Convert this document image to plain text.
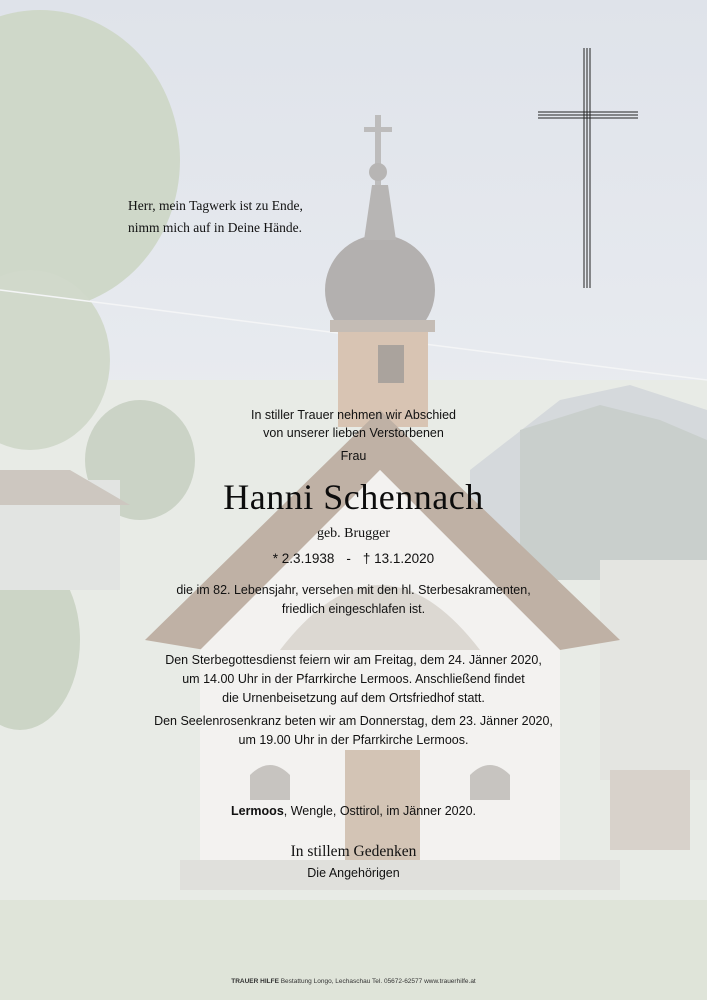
Herr, mein Tagwerk ist zu Ende,
nimm mich auf in Deine Hände.
In stiller Trauer nehmen wir Abschied
von unserer lieben Verstorbenen
Frau
Hanni Schennach
geb. Brugger
* 2.3.1938 - † 13.1.2020
die im 82. Lebensjahr, versehen mit den hl. Sterbesakramenten,
friedlich eingeschlafen ist.
Den Sterbegottesdienst feiern wir am Freitag, dem 24. Jänner 2020,
um 14.00 Uhr in der Pfarrkirche Lermoos. Anschließend findet
die Urnenbeisetzung auf dem Ortsfriedhof statt.
Den Seelenrosenkranz beten wir am Donnerstag, dem 23. Jänner 2020,
um 19.00 Uhr in der Pfarrkirche Lermoos.
Lermoos, Wengle, Osttirol, im Jänner 2020.
In stillem Gedenken
Die Angehörigen
TRAUER HILFE Bestattung Longo, Lechaschau Tel. 05672-62577 www.trauerhilfe.at
